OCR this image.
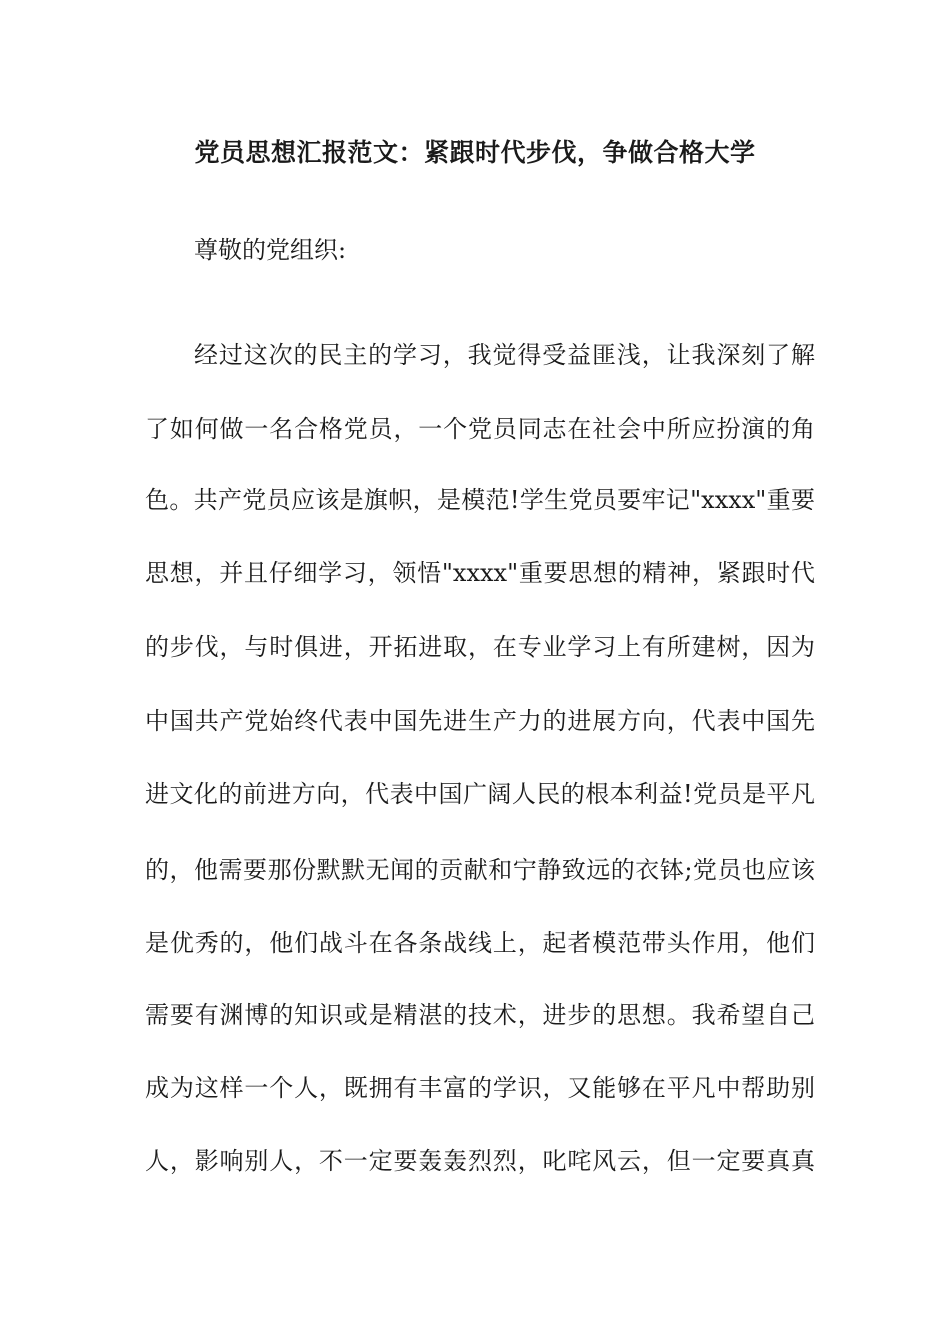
党员思想汇报范文：紧跟时代步伐，争做合格大学
尊敬的党组织:
经过这次的民主的学习，我觉得受益匪浅，让我深刻了解
了如何做一名合格党员，一个党员同志在社会中所应扮演的角
色。共产党员应该是旗帜，是模范!学生党员要牢记"xxxx"重要
思想，并且仔细学习，领悟"xxxx"重要思想的精神，紧跟时代
的步伐，与时俱进，开拓进取，在专业学习上有所建树，因为
中国共产党始终代表中国先进生产力的进展方向，代表中国先
进文化的前进方向，代表中国广阔人民的根本利益!党员是平凡
的，他需要那份默默无闻的贡献和宁静致远的衣钵;党员也应该
是优秀的，他们战斗在各条战线上，起者模范带头作用，他们
需要有渊博的知识或是精湛的技术，进步的思想。我希望自己
成为这样一个人，既拥有丰富的学识，又能够在平凡中帮助别
人，影响别人，不一定要轰轰烈烈，叱咤风云，但一定要真真
